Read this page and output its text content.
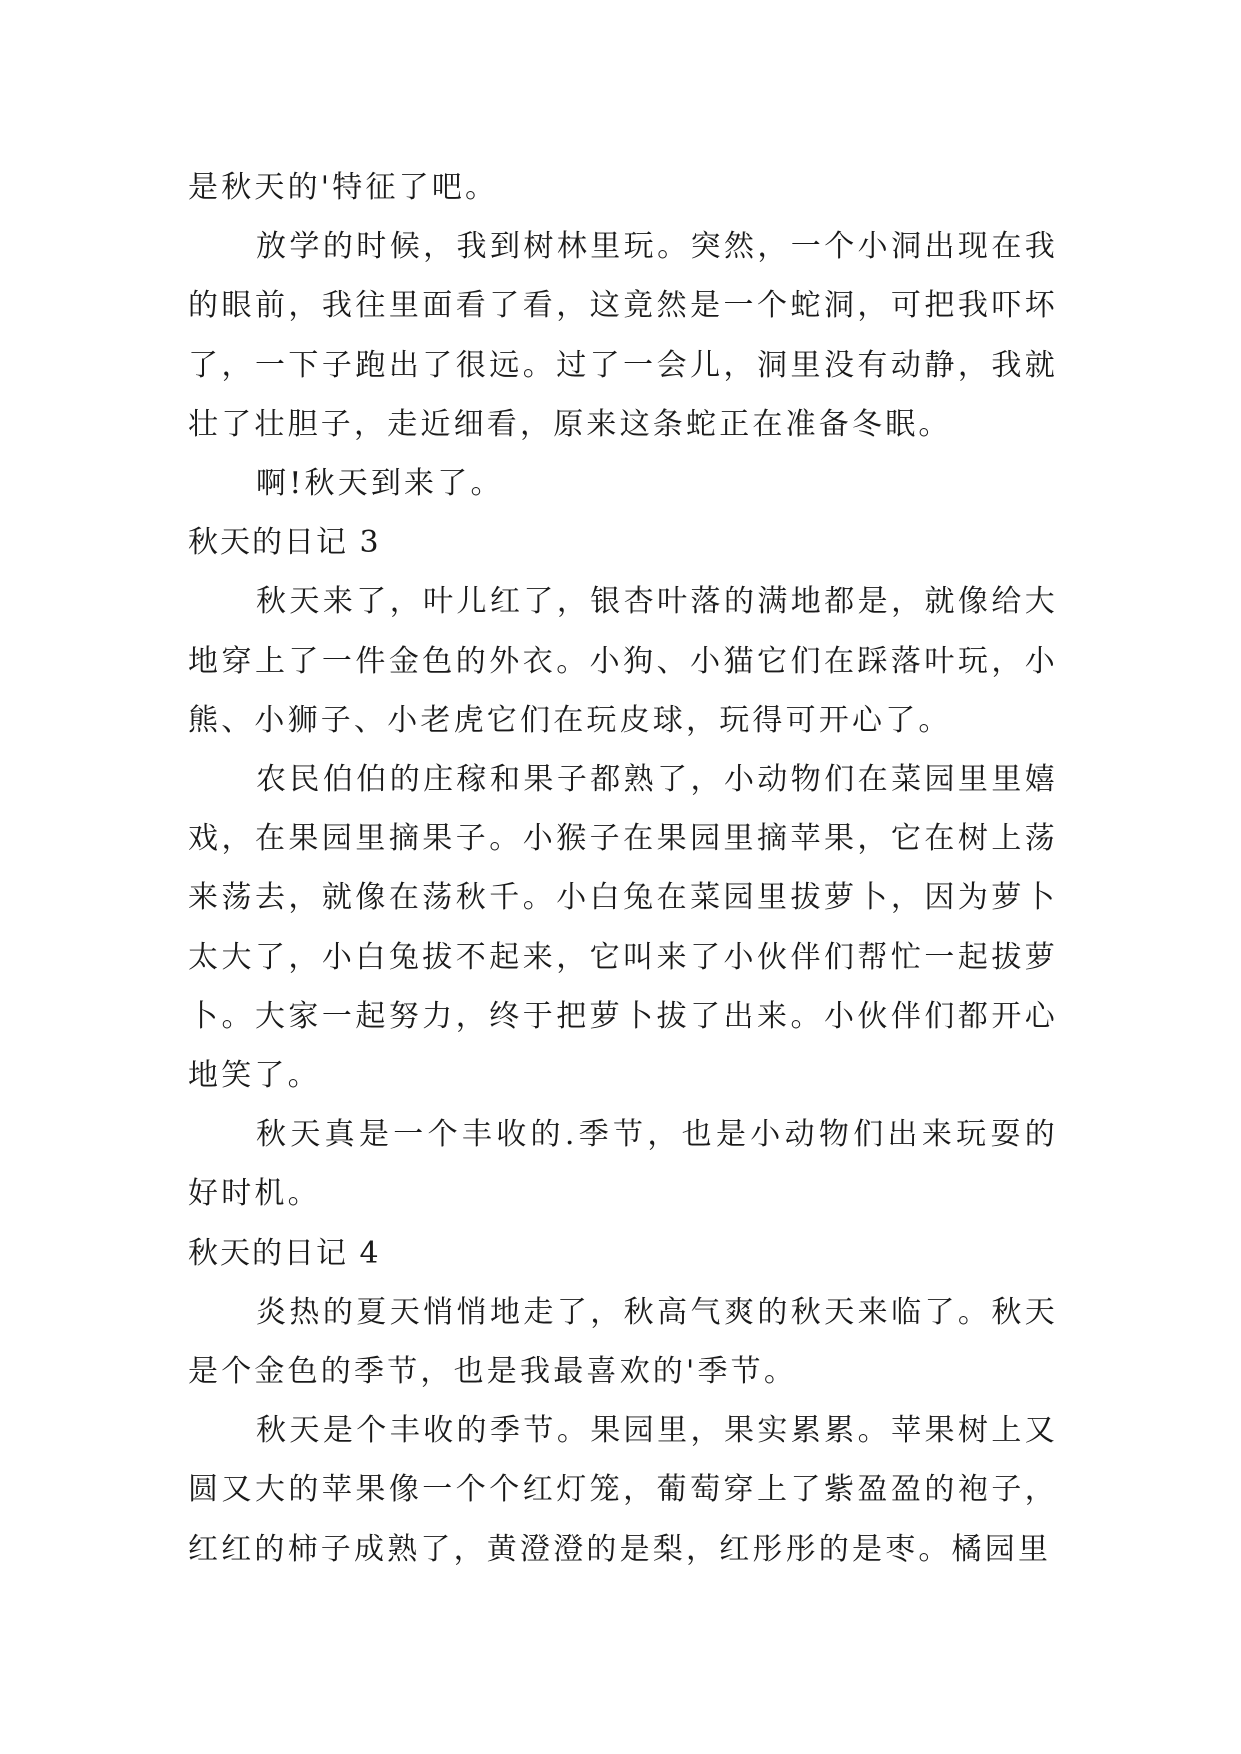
是秋天的'特征了吧。

放学的时候，我到树林里玩。突然，一个小洞出现在我的眼前，我往里面看了看，这竟然是一个蛇洞，可把我吓坏了，一下子跑出了很远。过了一会儿，洞里没有动静，我就壮了壮胆子，走近细看，原来这条蛇正在准备冬眠。

啊!秋天到来了。

秋天的日记 3

秋天来了，叶儿红了，银杏叶落的满地都是，就像给大地穿上了一件金色的外衣。小狗、小猫它们在踩落叶玩，小熊、小狮子、小老虎它们在玩皮球，玩得可开心了。

农民伯伯的庄稼和果子都熟了，小动物们在菜园里里嬉戏，在果园里摘果子。小猴子在果园里摘苹果，它在树上荡来荡去，就像在荡秋千。小白兔在菜园里拔萝卜，因为萝卜太大了，小白兔拔不起来，它叫来了小伙伴们帮忙一起拔萝卜。大家一起努力，终于把萝卜拔了出来。小伙伴们都开心地笑了。

秋天真是一个丰收的.季节，也是小动物们出来玩耍的好时机。

秋天的日记 4

炎热的夏天悄悄地走了，秋高气爽的秋天来临了。秋天是个金色的季节，也是我最喜欢的'季节。

秋天是个丰收的季节。果园里，果实累累。苹果树上又圆又大的苹果像一个个红灯笼，葡萄穿上了紫盈盈的袍子，红红的柿子成熟了，黄澄澄的是梨，红彤彤的是枣。橘园里
